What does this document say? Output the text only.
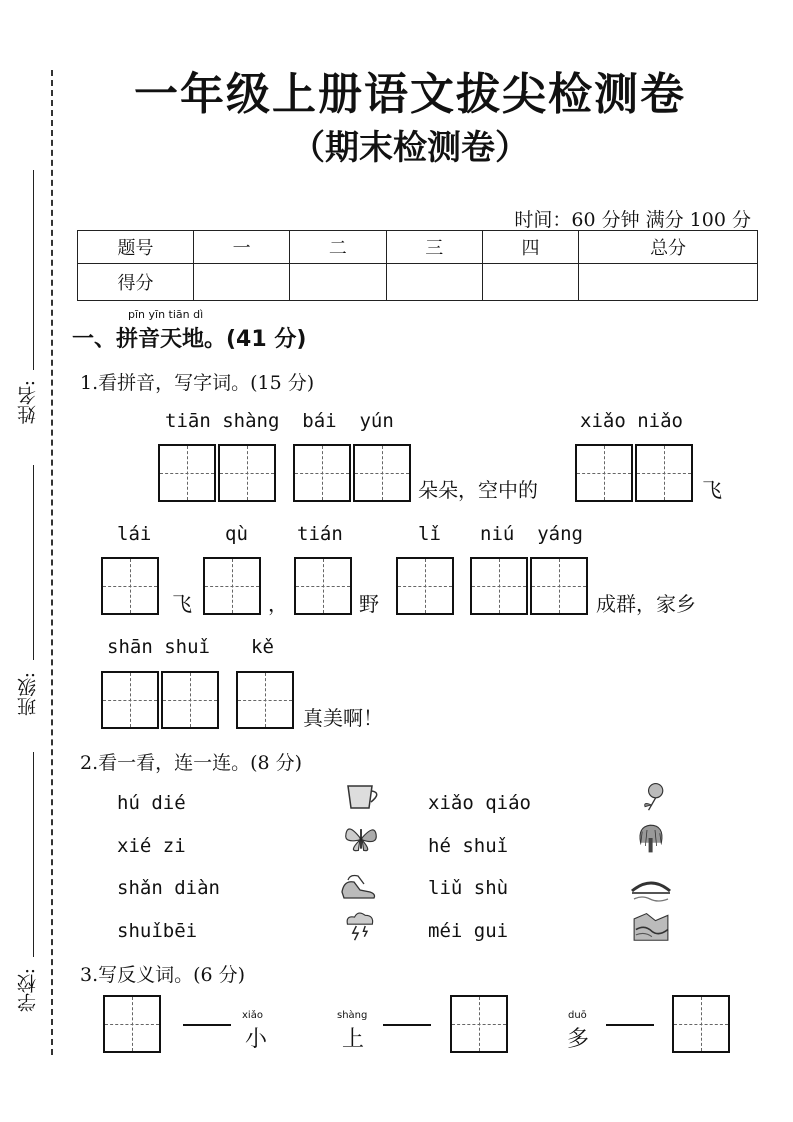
姓名:
班级:
学校:
一年级上册语文拔尖检测卷
（期末检测卷）
时间：60 分钟 满分 100 分
题号	一	二	三	四	总分
得分					
pīn yīn tiān dì
一、拼音天地。(41 分)
1.看拼音，写字词。(15 分)
tiān shàng  bái  yún	xiǎo niǎo
朵朵，空中的	飞
lái	qù	tián	lǐ niú  yáng
飞	，	野	成群，家乡
shān shuǐ kě
真美啊！
2.看一看，连一连。(8 分)
hú dié
xié zi
shǎn diàn
shuǐbēi
xiǎo qiáo
hé shuǐ
liǔ shù
méi gui
3.写反义词。(6 分)
xiǎo
小
shàng
上
duō
多
